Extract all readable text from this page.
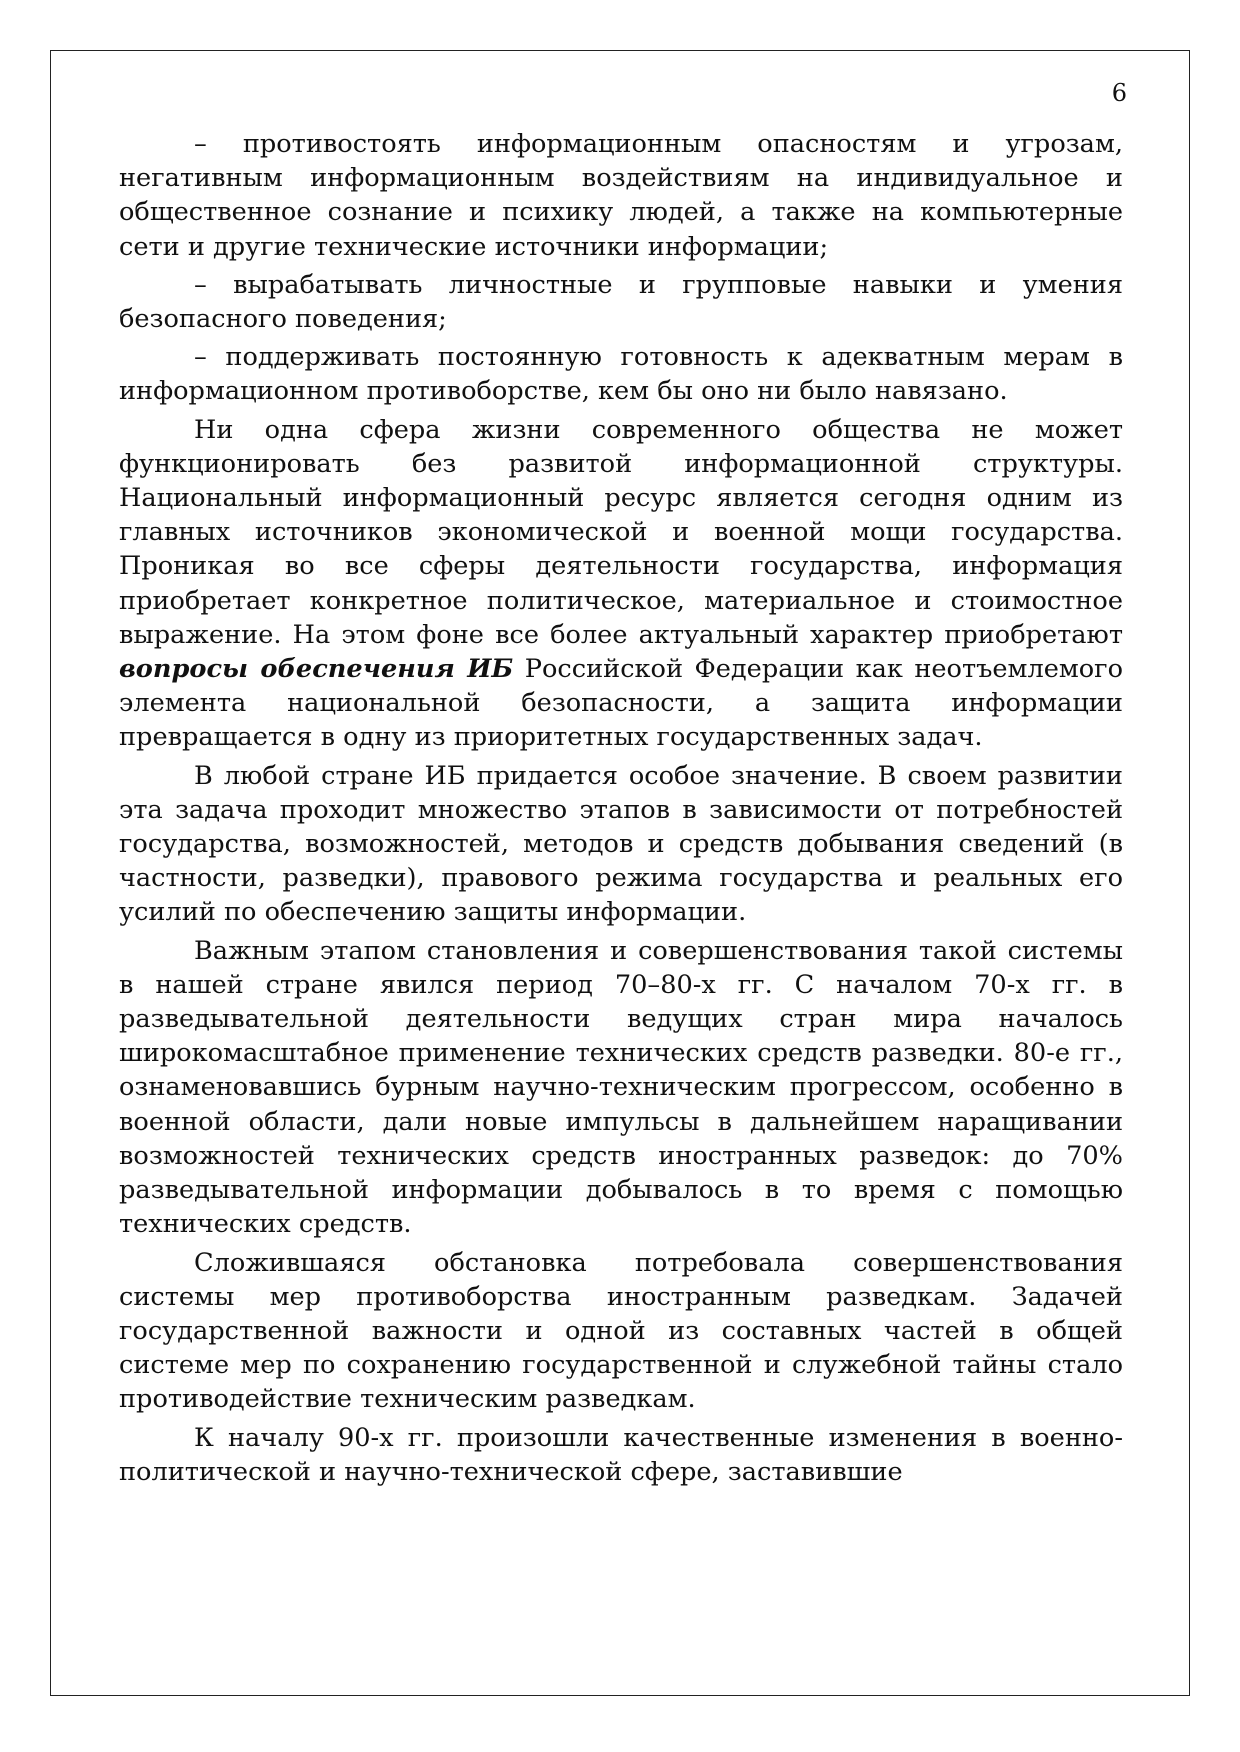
6

– противостоять информационным опасностям и угрозам, негативным информационным воздействиям на индивидуальное и общественное сознание и психику людей, а также на компьютерные сети и другие технические источники информации;

– вырабатывать личностные и групповые навыки и умения безопасного поведения;

– поддерживать постоянную готовность к адекватным мерам в информационном противоборстве, кем бы оно ни было навязано.

Ни одна сфера жизни современного общества не может функционировать без развитой информационной структуры. Национальный информационный ресурс является сегодня одним из главных источников экономической и военной мощи государства. Проникая во все сферы деятельности государства, информация приобретает конкретное политическое, материальное и стоимостное выражение. На этом фоне все более актуальный характер приобретают вопросы обеспечения ИБ Российской Федерации как неотъемлемого элемента национальной безопасности, а защита информации превращается в одну из приоритетных государственных задач.

В любой стране ИБ придается особое значение. В своем развитии эта задача проходит множество этапов в зависимости от потребностей государства, возможностей, методов и средств добывания сведений (в частности, разведки), правового режима государства и реальных его усилий по обеспечению защиты информации.

Важным этапом становления и совершенствования такой системы в нашей стране явился период 70–80-х гг. С началом 70-х гг. в разведывательной деятельности ведущих стран мира началось широкомасштабное применение технических средств разведки. 80-е гг., ознаменовавшись бурным научно-техническим прогрессом, особенно в военной области, дали новые импульсы в дальнейшем наращивании возможностей технических средств иностранных разведок: до 70% разведывательной информации добывалось в то время с помощью технических средств.

Сложившаяся обстановка потребовала совершенствования системы мер противоборства иностранным разведкам. Задачей государственной важности и одной из составных частей в общей системе мер по сохранению государственной и служебной тайны стало противодействие техническим разведкам.

К началу 90-х гг. произошли качественные изменения в военно-политической и научно-технической сфере, заставившие
